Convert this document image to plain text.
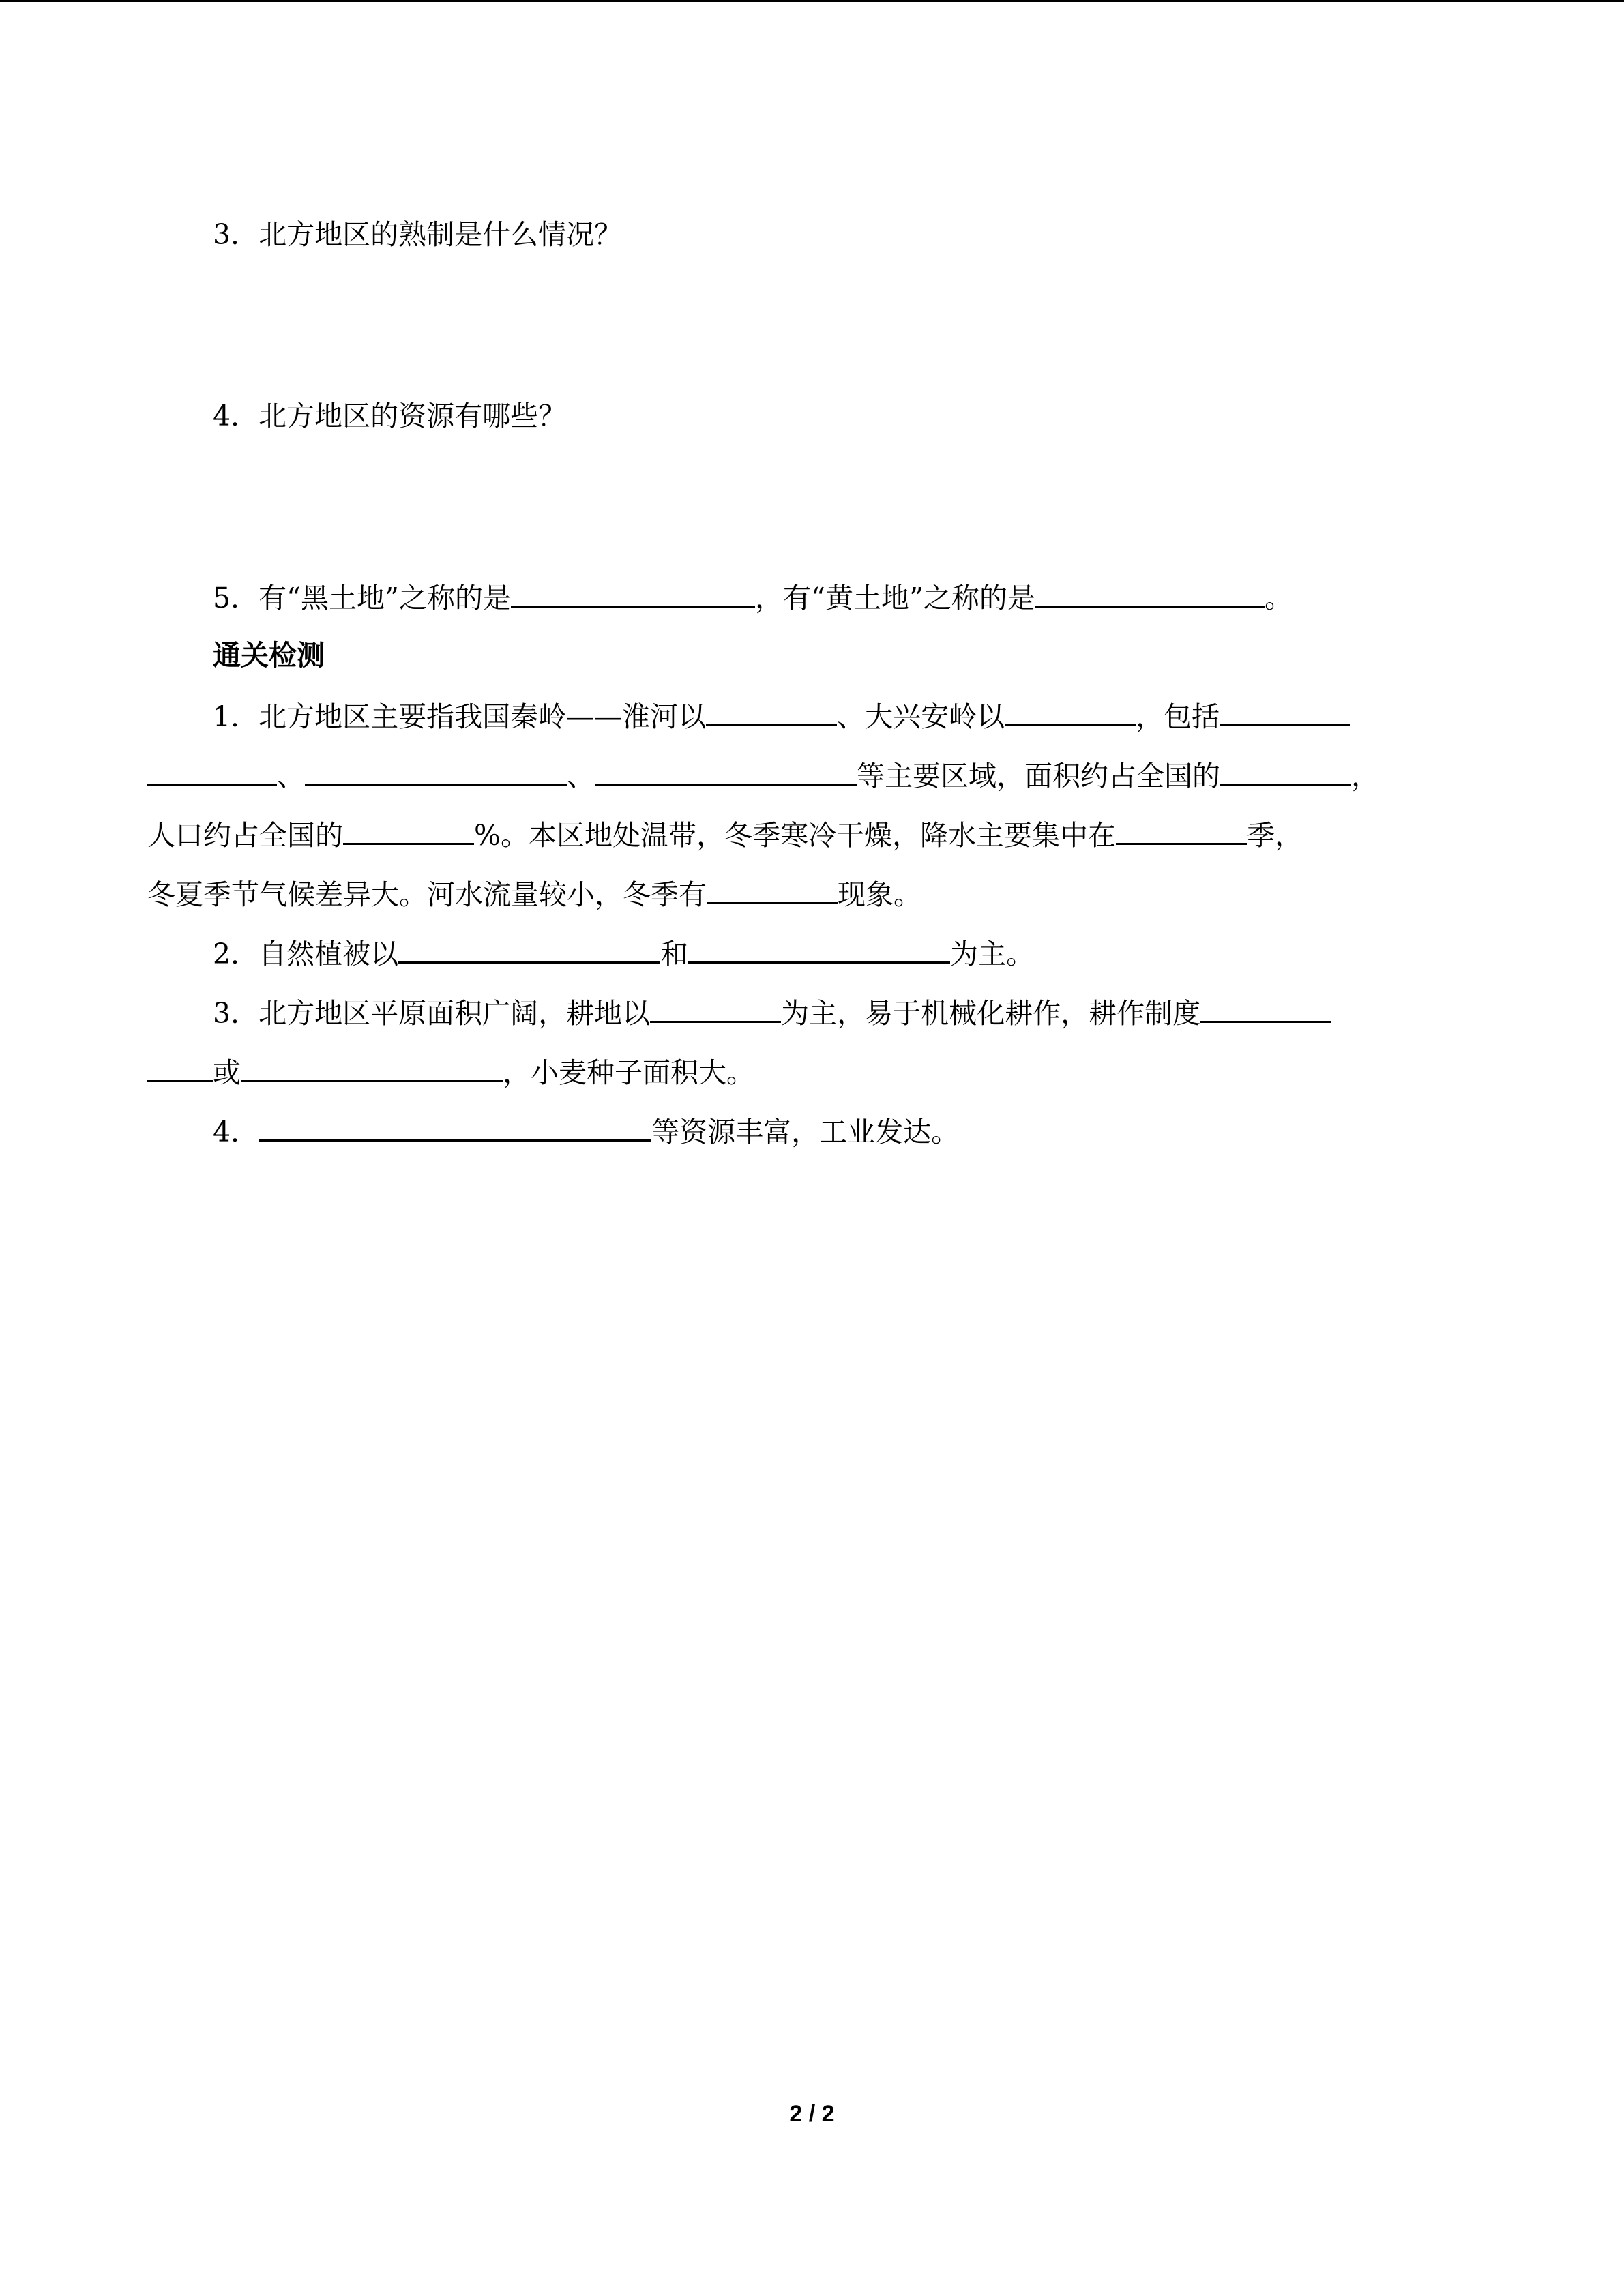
3．北方地区的熟制是什么情况？
4．北方地区的资源有哪些？
5．有“黑土地”之称的是	，有“黄土地”之称的是	。
通关检测
1．北方地区主要指我国秦岭——淮河以	、大兴安岭以	，包括
、	、	等主要区域，面积约占全国的	，
人口约占全国的	%。本区地处温带，冬季寒冷干燥，降水主要集中在	季，
冬夏季节气候差异大。河水流量较小，冬季有	现象。
2．自然植被以	和	为主。
3．北方地区平原面积广阔，耕地以	为主，易于机械化耕作，耕作制度
或	，小麦种子面积大。
4．	等资源丰富，工业发达。
2 / 2
